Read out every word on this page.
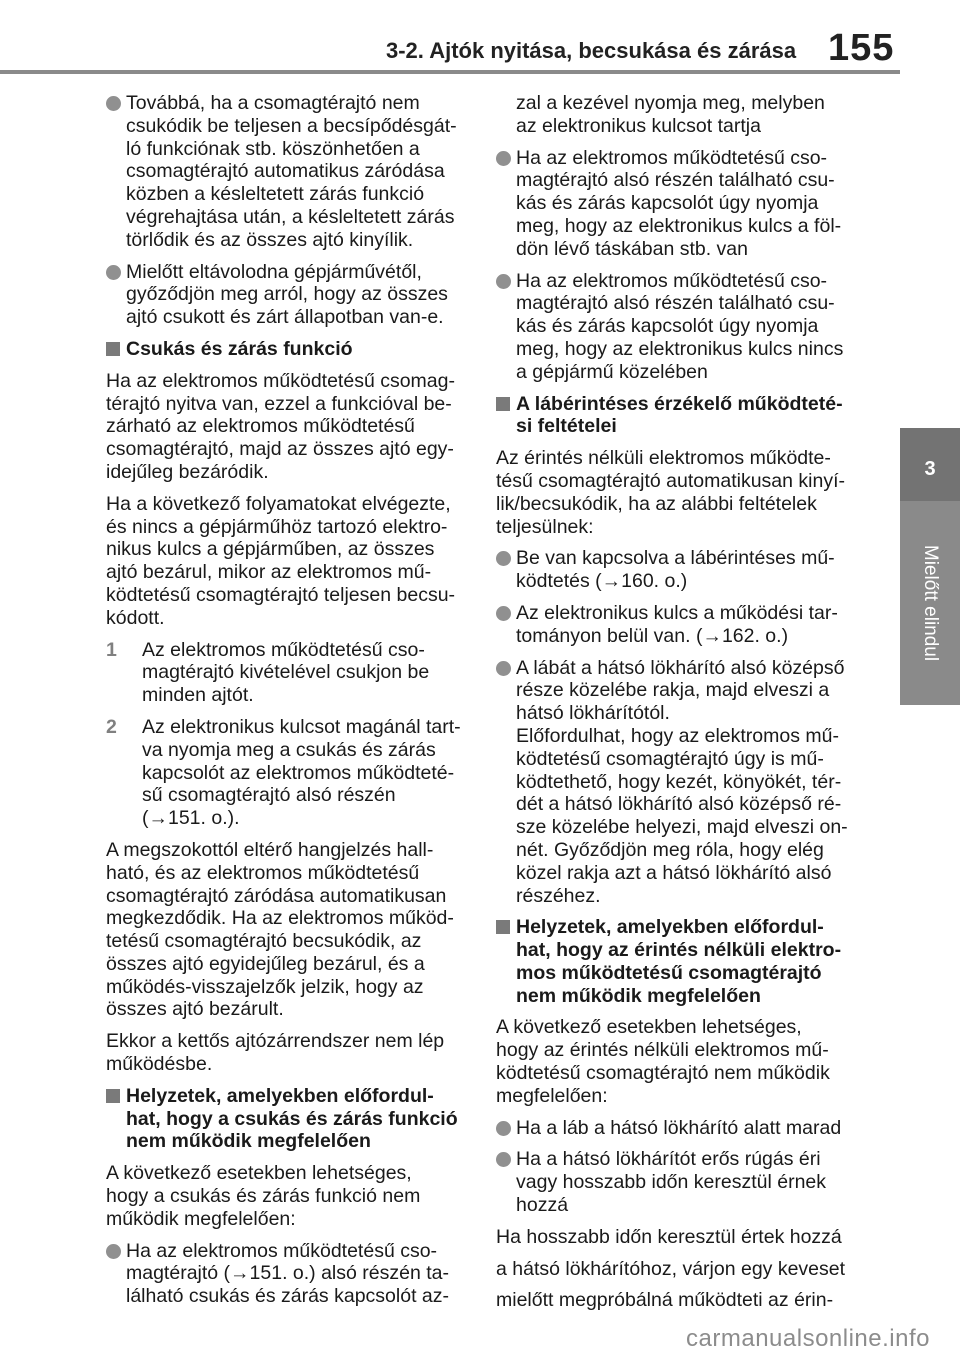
3-2. Ajtók nyitása, becsukása és zárása 155
3
Mielőtt elindul
Továbbá, ha a csomagtérajtó nem
csukódik be teljesen a becsípődésgát-
ló funkciónak stb. köszönhetően a
csomagtérajtó automatikus záródása
közben a késleltetett zárás funkció
végrehajtása után, a késleltetett zárás
törlődik és az összes ajtó kinyílik.
Mielőtt eltávolodna gépjárművétől,
győződjön meg arról, hogy az összes
ajtó csukott és zárt állapotban van-e.
Csukás és zárás funkció
Ha az elektromos működtetésű csomag-
térajtó nyitva van, ezzel a funkcióval be-
zárható az elektromos működtetésű
csomagtérajtó, majd az összes ajtó egy-
idejűleg bezáródik.
Ha a következő folyamatokat elvégezte,
és nincs a gépjárműhöz tartozó elektro-
nikus kulcs a gépjárműben, az összes
ajtó bezárul, mikor az elektromos mű-
ködtetésű csomagtérajtó teljesen becsu-
kódott.
1 Az elektromos működtetésű cso-
magtérajtó kivételével csukjon be
minden ajtót.
2 Az elektronikus kulcsot magánál tart-
va nyomja meg a csukás és zárás
kapcsolót az elektromos működteté-
sű csomagtérajtó alsó részén
(→151. o.).
A megszokottól eltérő hangjelzés hall-
ható, és az elektromos működtetésű
csomagtérajtó záródása automatikusan
megkezdődik. Ha az elektromos működ-
tetésű csomagtérajtó becsukódik, az
összes ajtó egyidejűleg bezárul, és a
működés-visszajelzők jelzik, hogy az
összes ajtó bezárult.
Ekkor a kettős ajtózárrendszer nem lép
működésbe.
Helyzetek, amelyekben előfordul-
hat, hogy a csukás és zárás funkció
nem működik megfelelően
A következő esetekben lehetséges,
hogy a csukás és zárás funkció nem
működik megfelelően:
Ha az elektromos működtetésű cso-
magtérajtó (→151. o.) alsó részén ta-
lálható csukás és zárás kapcsolót az-
zal a kezével nyomja meg, melyben
az elektronikus kulcsot tartja
Ha az elektromos működtetésű cso-
magtérajtó alsó részén található csu-
kás és zárás kapcsolót úgy nyomja
meg, hogy az elektronikus kulcs a föl-
dön lévő táskában stb. van
Ha az elektromos működtetésű cso-
magtérajtó alsó részén található csu-
kás és zárás kapcsolót úgy nyomja
meg, hogy az elektronikus kulcs nincs
a gépjármű közelében
A lábérintéses érzékelő működteté-
si feltételei
Az érintés nélküli elektromos működte-
tésű csomagtérajtó automatikusan kinyí-
lik/becsukódik, ha az alábbi feltételek
teljesülnek:
Be van kapcsolva a lábérintéses mű-
ködtetés (→160. o.)
Az elektronikus kulcs a működési tar-
tományon belül van. (→162. o.)
A lábát a hátsó lökhárító alsó középső
része közelébe rakja, majd elveszi a
hátsó lökhárítótól.
Előfordulhat, hogy az elektromos mű-
ködtetésű csomagtérajtó úgy is mű-
ködtethető, hogy kezét, könyökét, tér-
dét a hátsó lökhárító alsó középső ré-
sze közelébe helyezi, majd elveszi on-
nét. Győződjön meg róla, hogy elég
közel rakja azt a hátsó lökhárító alsó
részéhez.
Helyzetek, amelyekben előfordul-
hat, hogy az érintés nélküli elektro-
mos működtetésű csomagtérajtó
nem működik megfelelően
A következő esetekben lehetséges,
hogy az érintés nélküli elektromos mű-
ködtetésű csomagtérajtó nem működik
megfelelően:
Ha a láb a hátsó lökhárító alatt marad
Ha a hátsó lökhárítót erős rúgás éri
vagy hosszabb időn keresztül érnek
hozzá
Ha hosszabb időn keresztül értek hozzá
a hátsó lökhárítóhoz, várjon egy keveset
mielőtt megpróbálná működteti az érin-
carmanualsonline.info
